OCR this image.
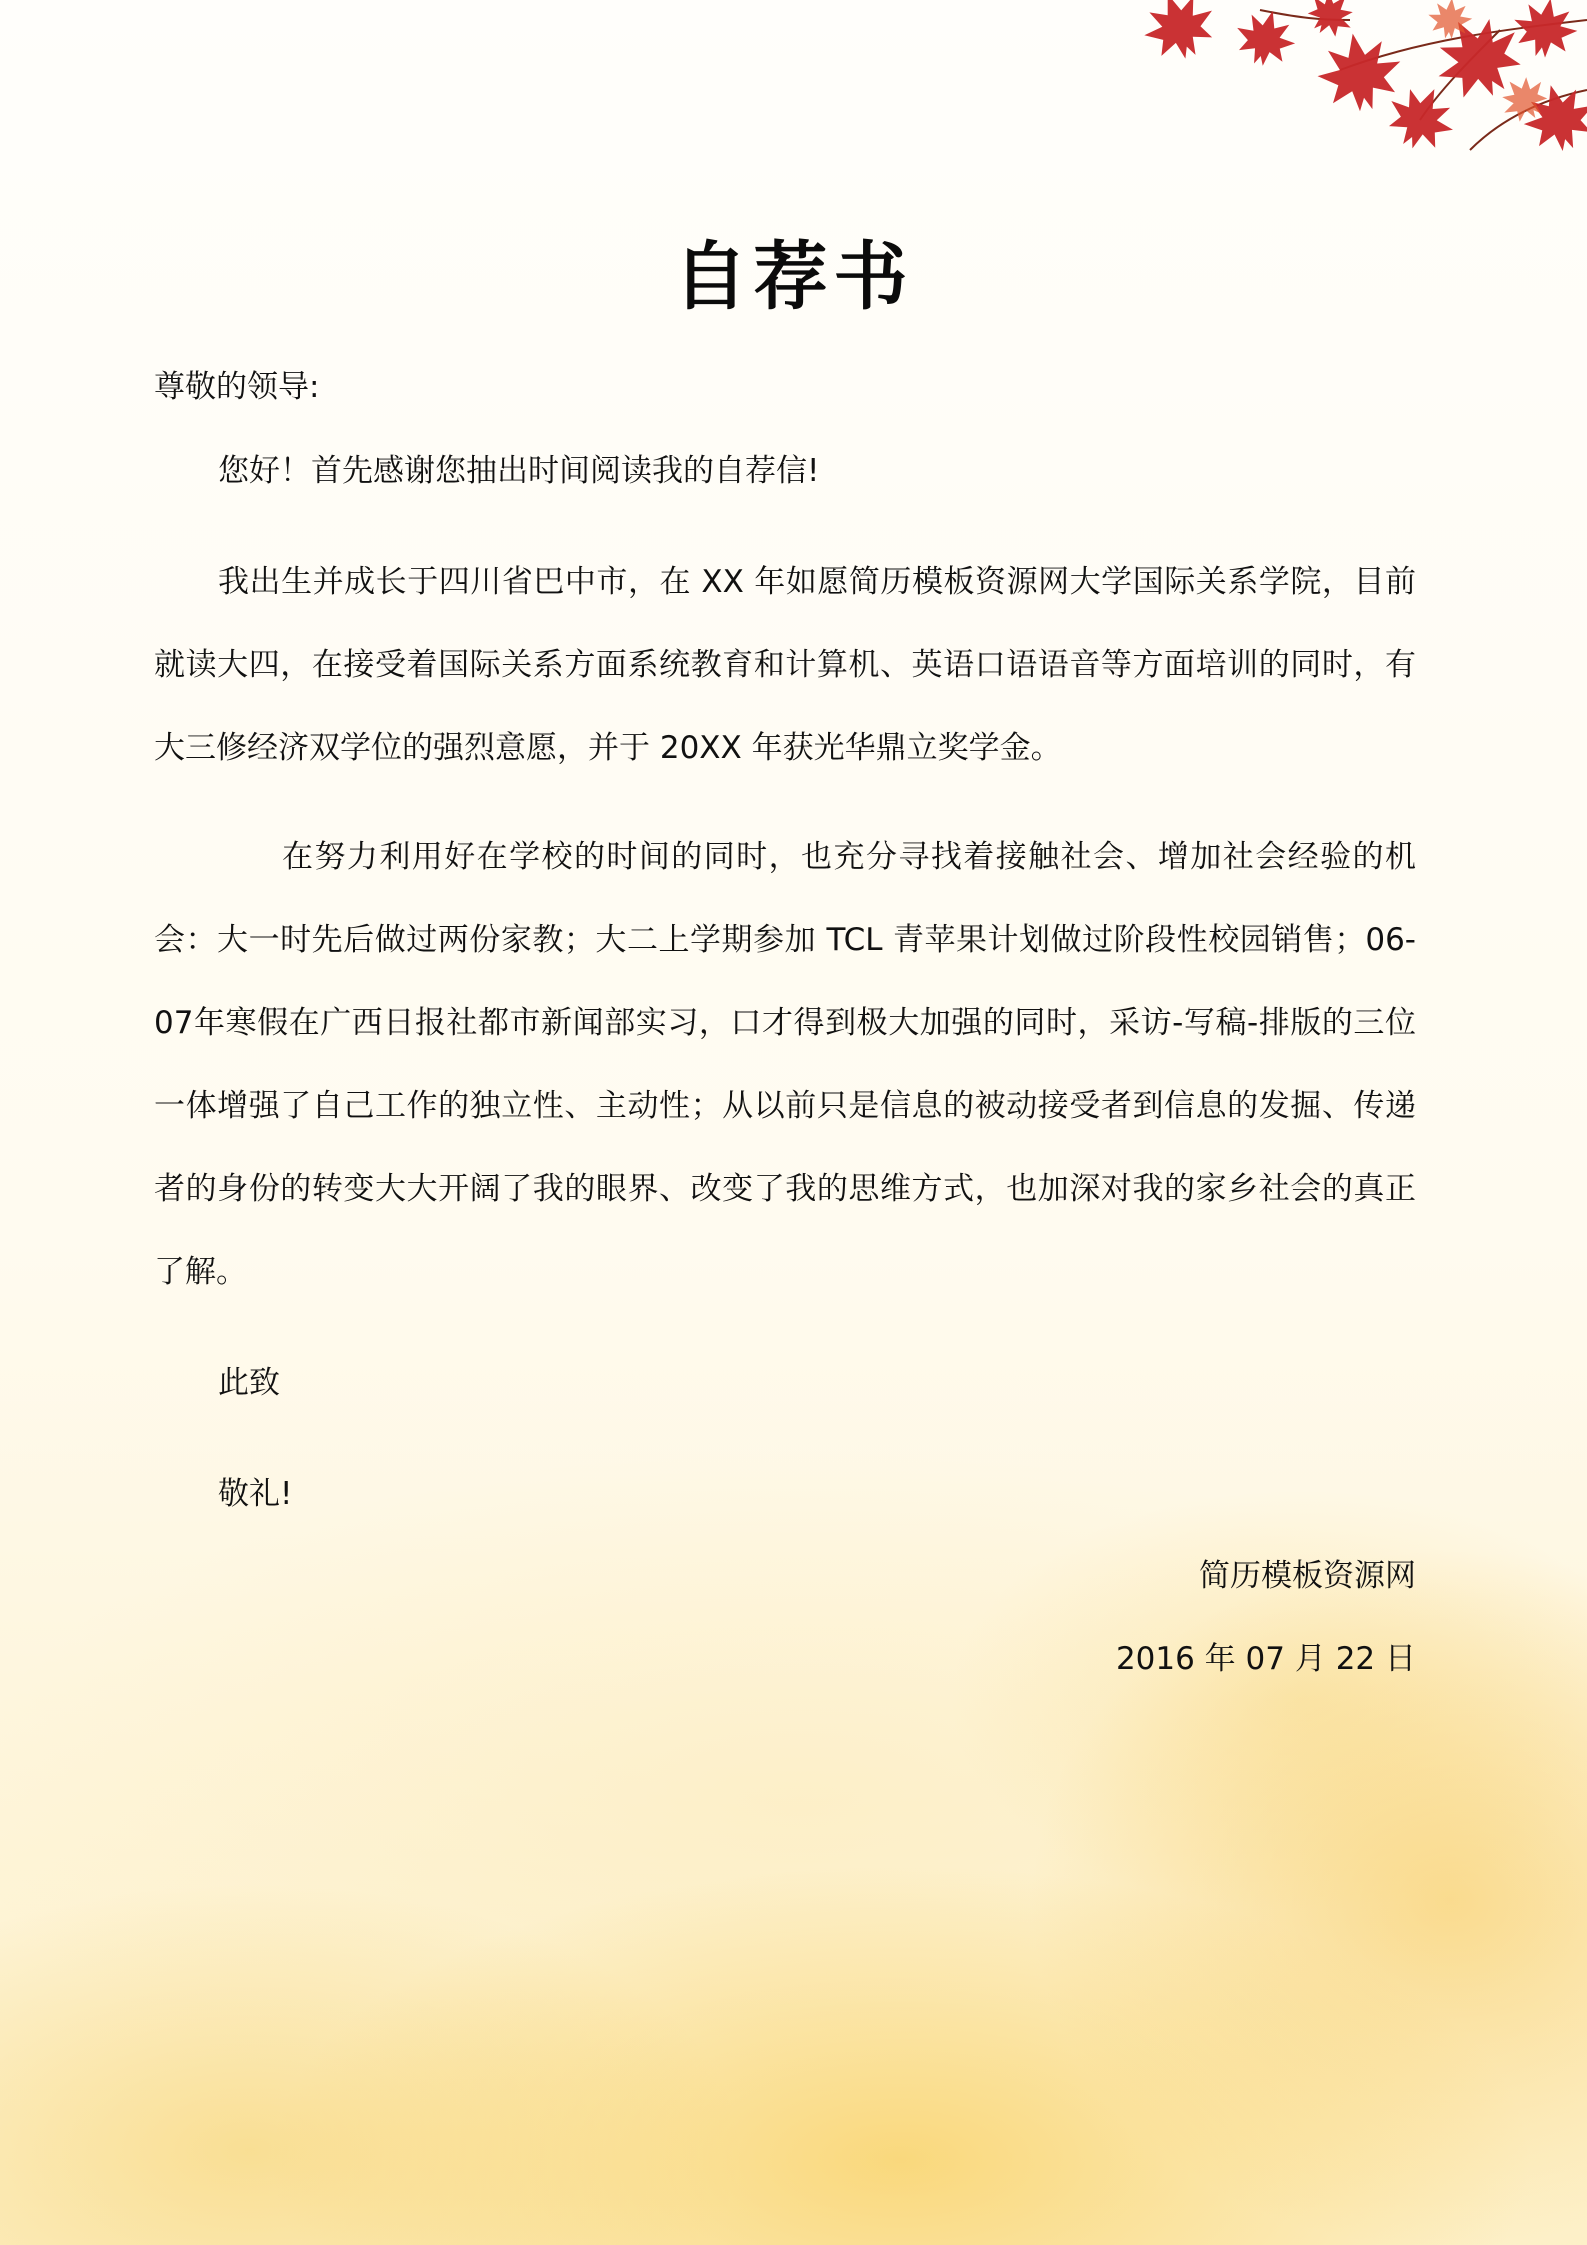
自荐书

尊敬的领导:

您好！首先感谢您抽出时间阅读我的自荐信!

我出生并成长于四川省巴中市，在 XX 年如愿简历模板资源网大学国际关系学院，目前就读大四，在接受着国际关系方面系统教育和计算机、英语口语语音等方面培训的同时，有大三修经济双学位的强烈意愿，并于 20XX 年获光华鼎立奖学金。

在努力利用好在学校的时间的同时，也充分寻找着接触社会、增加社会经验的机会：大一时先后做过两份家教；大二上学期参加 TCL 青苹果计划做过阶段性校园销售；06-07年寒假在广西日报社都市新闻部实习，口才得到极大加强的同时，采访-写稿-排版的三位一体增强了自己工作的独立性、主动性；从以前只是信息的被动接受者到信息的发掘、传递者的身份的转变大大开阔了我的眼界、改变了我的思维方式，也加深对我的家乡社会的真正了解。

此致

敬礼!

简历模板资源网

2016 年 07 月 22 日
